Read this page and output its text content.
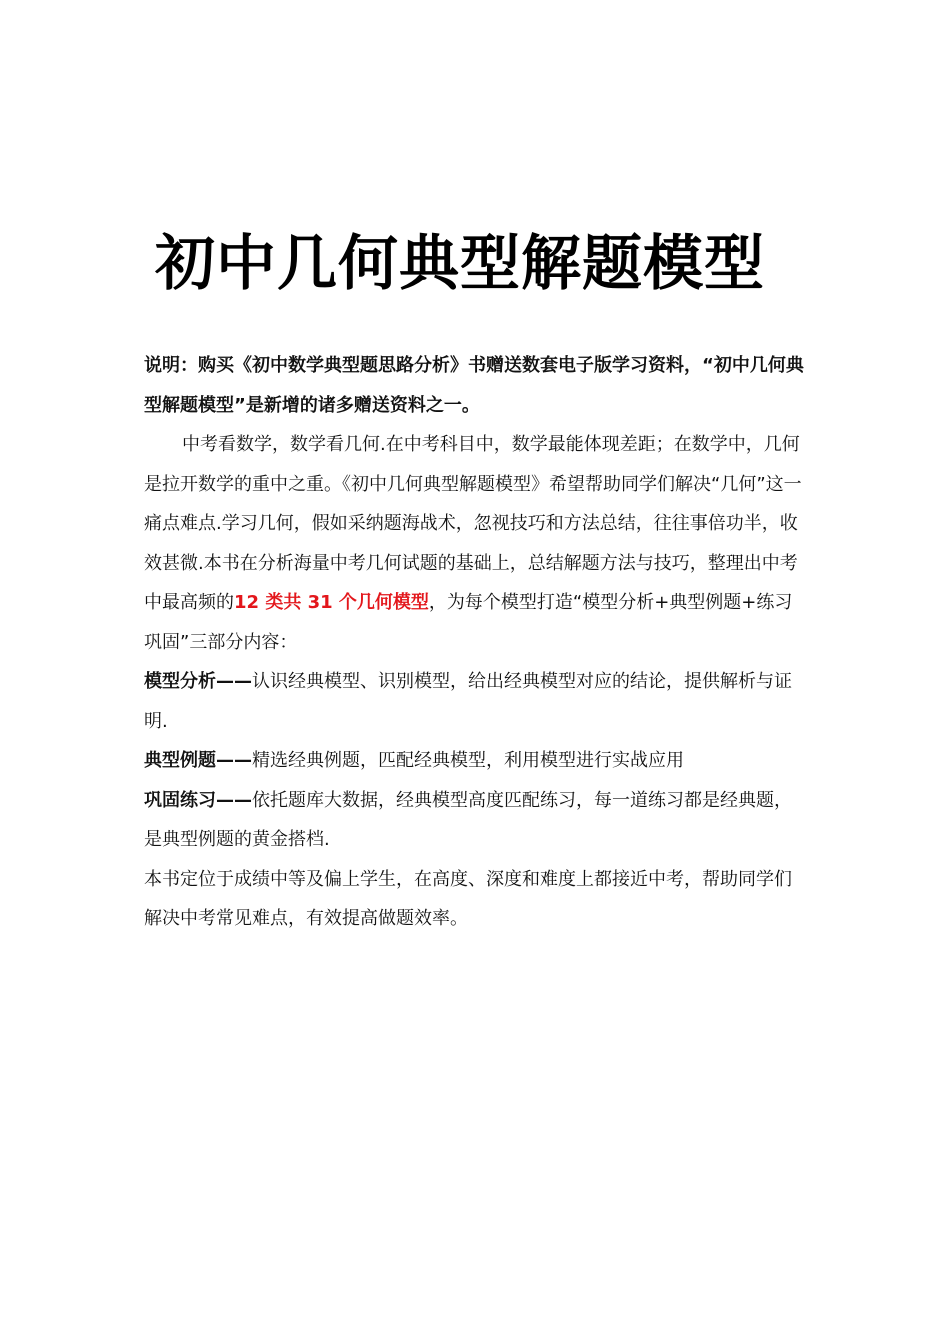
初中几何典型解题模型

说明：购买《初中数学典型题思路分析》书赠送数套电子版学习资料，“初中几何典型解题模型”是新增的诸多赠送资料之一。

中考看数学，数学看几何.在中考科目中，数学最能体现差距；在数学中，几何是拉开数学的重中之重。《初中几何典型解题模型》希望帮助同学们解决“几何”这一痛点难点.学习几何，假如采纳题海战术，忽视技巧和方法总结，往往事倍功半，收效甚微.本书在分析海量中考几何试题的基础上，总结解题方法与技巧，整理出中考中最高频的12 类共 31 个几何模型，为每个模型打造“模型分析+典型例题+练习巩固”三部分内容：

模型分析——认识经典模型、识别模型，给出经典模型对应的结论，提供解析与证明.

典型例题——精选经典例题，匹配经典模型，利用模型进行实战应用

巩固练习——依托题库大数据，经典模型高度匹配练习，每一道练习都是经典题，是典型例题的黄金搭档.

本书定位于成绩中等及偏上学生，在高度、深度和难度上都接近中考，帮助同学们解决中考常见难点，有效提高做题效率。
